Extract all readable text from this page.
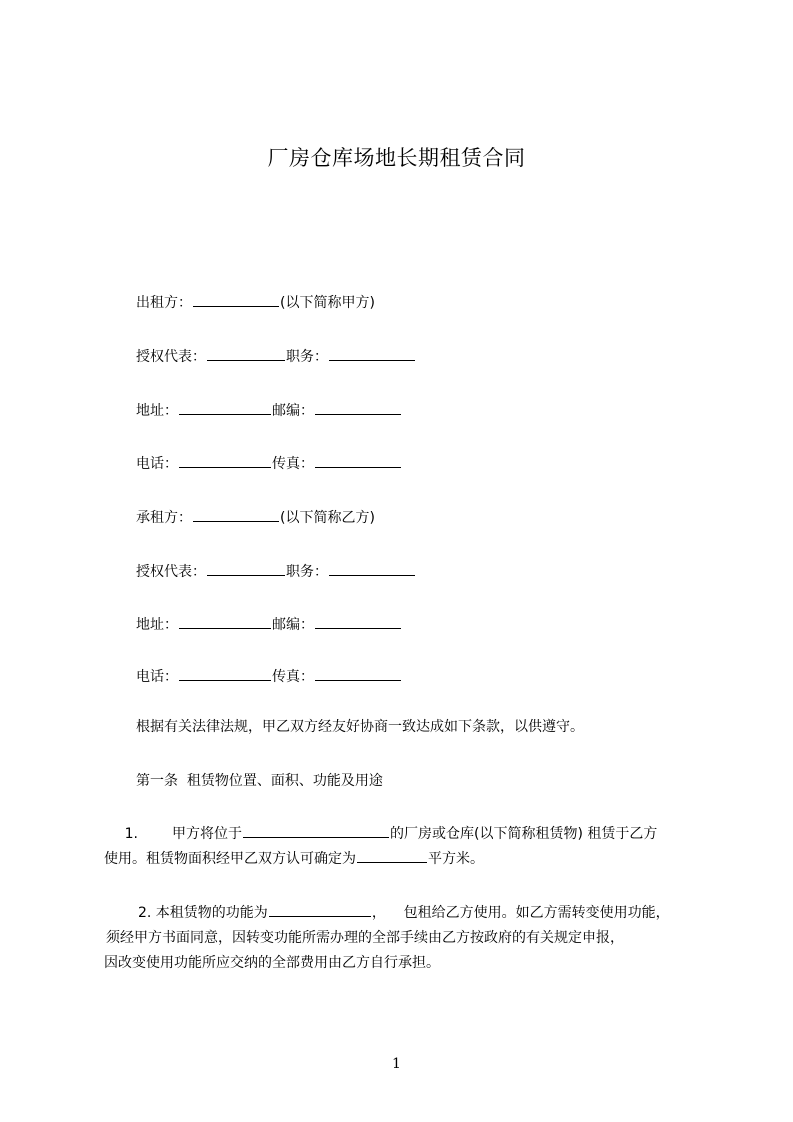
厂房仓库场地长期租赁合同
出租方：	(以下简称甲方)
授权代表：	职务：
地址：	邮编：
电话：	传真：
承租方：	(以下简称乙方)
授权代表：	职务：
地址：	邮编：
电话：	传真：
根据有关法律法规，甲乙双方经友好协商一致达成如下条款，以供遵守。
第一条  租赁物位置、面积、功能及用途
1. 甲方将位于	的厂房或仓库(以下简称租赁物) 租赁于乙方
使用。租赁物面积经甲乙双方认可确定为	平方米。
2. 本租赁物的功能为	，    包租给乙方使用。如乙方需转变使用功能，
须经甲方书面同意，因转变功能所需办理的全部手续由乙方按政府的有关规定申报，
因改变使用功能所应交纳的全部费用由乙方自行承担。
1
